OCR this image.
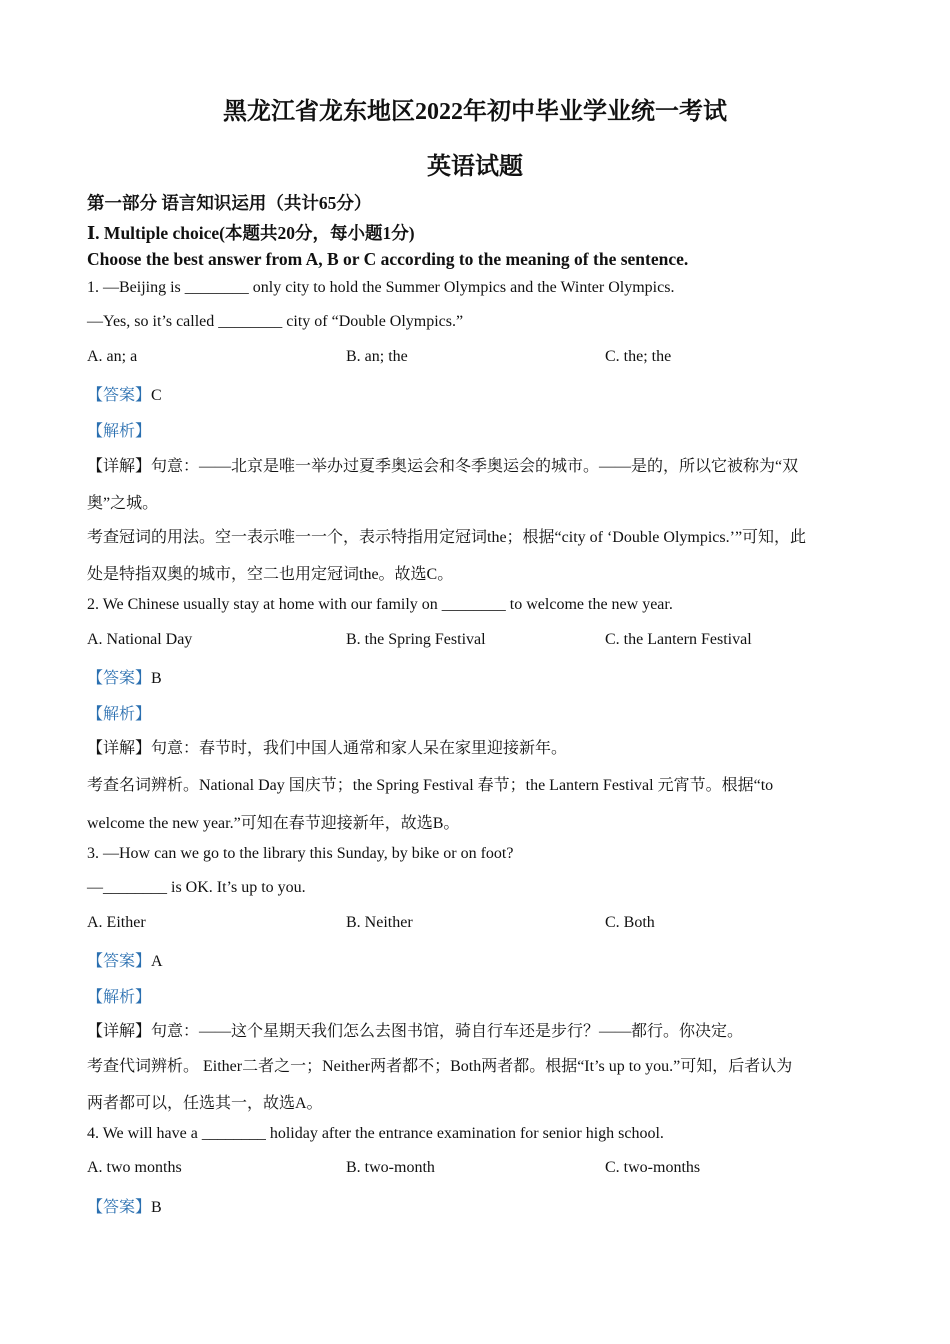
黑龙江省龙东地区2022年初中毕业学业统一考试
英语试题
第一部分 语言知识运用（共计65分）
Ⅰ. Multiple choice(本题共20分，每小题1分)
Choose the best answer from A, B or C according to the meaning of the sentence.
1. —Beijing is ________ only city to hold the Summer Olympics and the Winter Olympics.
—Yes, so it’s called ________ city of “Double Olympics.”
A. an; a	B. an; the	C. the; the
【答案】C
【解析】
【详解】句意：——北京是唯一举办过夏季奥运会和冬季奥运会的城市。——是的，所以它被称为“双
奥”之城。
考查冠词的用法。空一表示唯一一个，表示特指用定冠词the；根据“city of ‘Double Olympics.’”可知，此
处是特指双奥的城市，空二也用定冠词the。故选C。
2. We Chinese usually stay at home with our family on ________ to welcome the new year.
A. National Day	B. the Spring Festival	C. the Lantern Festival
【答案】B
【解析】
【详解】句意：春节时，我们中国人通常和家人呆在家里迎接新年。
考查名词辨析。National Day 国庆节；the Spring Festival 春节；the Lantern Festival 元宵节。根据“to
welcome the new year.”可知在春节迎接新年，故选B。
3. —How can we go to the library this Sunday, by bike or on foot?
—________ is OK. It’s up to you.
A. Either	B. Neither	C. Both
【答案】A
【解析】
【详解】句意：——这个星期天我们怎么去图书馆，骑自行车还是步行？——都行。你决定。
考查代词辨析。 Either二者之一；Neither两者都不；Both两者都。根据“It’s up to you.”可知，后者认为
两者都可以，任选其一，故选A。
4. We will have a ________ holiday after the entrance examination for senior high school.
A. two months	B. two-month	C. two-months
【答案】B
